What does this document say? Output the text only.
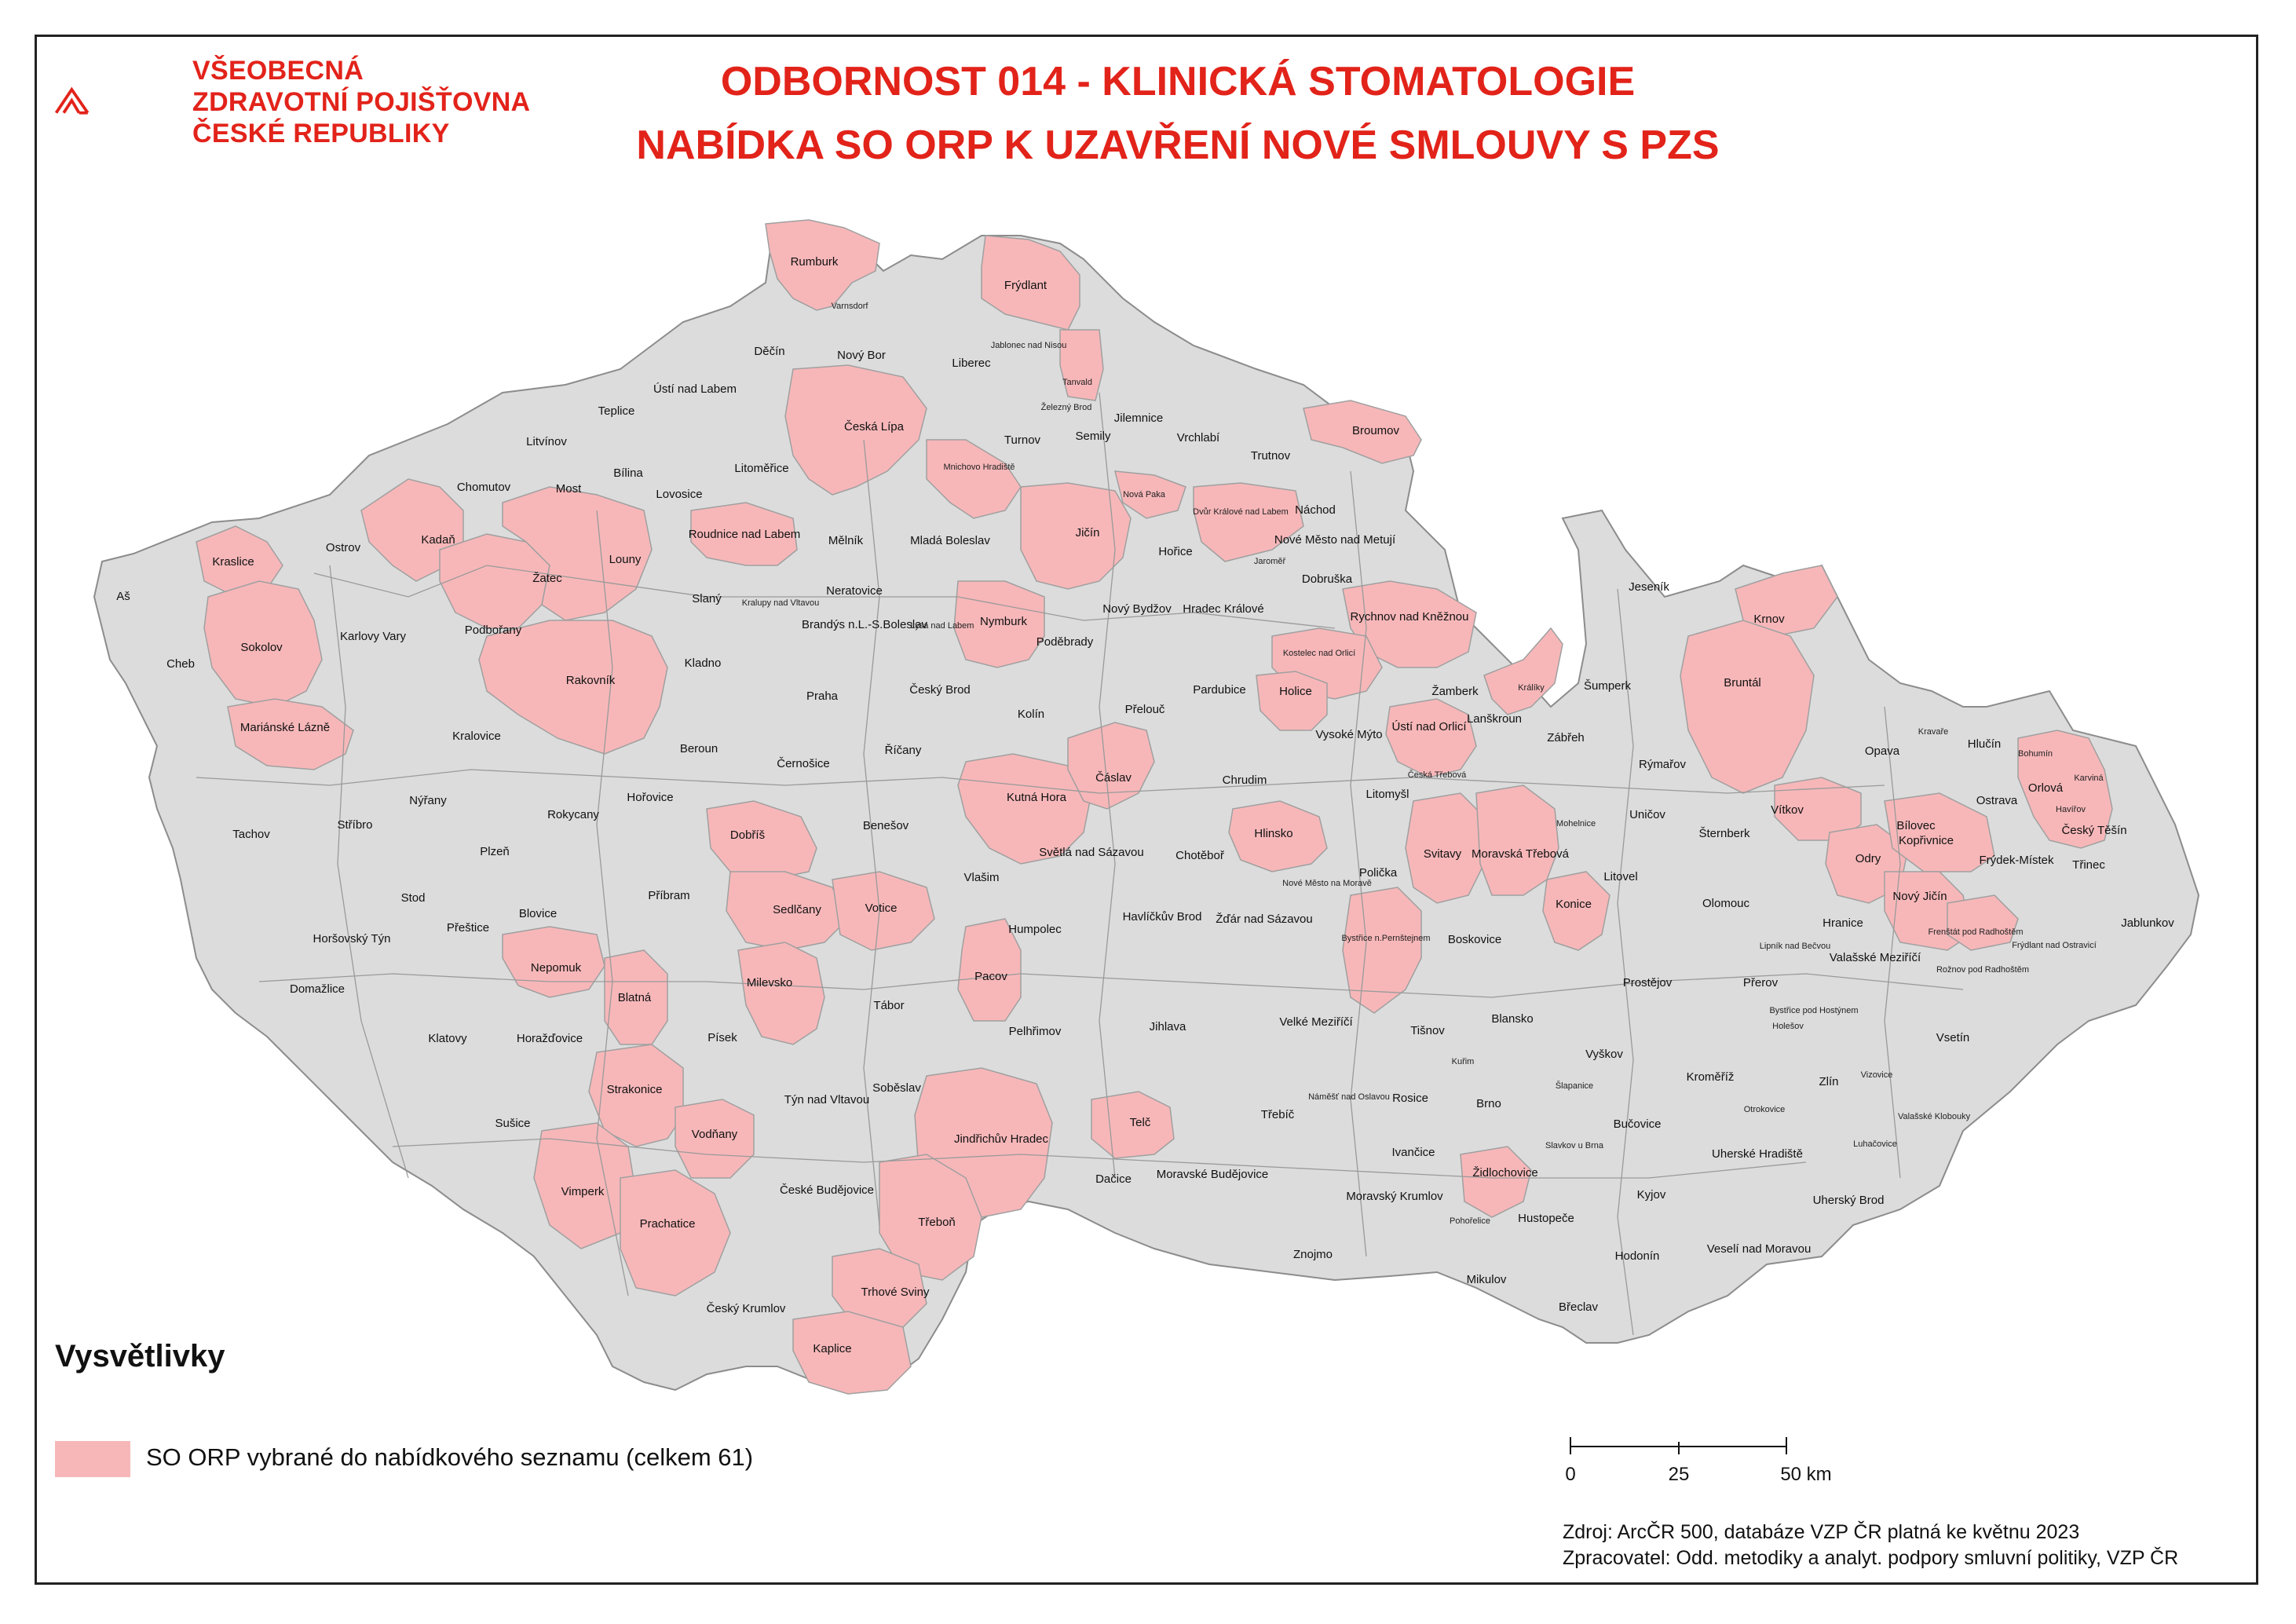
VŠEOBECNÁ
ZDRAVOTNÍ POJIŠŤOVNA
ČESKÉ REPUBLIKY
ODBORNOST 014 - KLINICKÁ STOMATOLOGIE
NABÍDKA SO ORP K UZAVŘENÍ NOVÉ SMLOUVY S PZS
Rumburk
Varnsdorf
Frýdlant
Děčín	Nový Bor
Liberec
Jablonec nad Nisou
Tanvald
Železný Brod
Ústí nad Labem
Teplice
Česká Lípa
Turnov	Semily
Jilemnice
Vrchlabí
Trutnov
Broumov
Litvínov
Bílina	Litoměřice	Mnichovo Hradiště
Chomutov	Most	Lovosice	Nová Paka
Dvůr Králové nad Labem Náchod
Kadaň	Roudnice nad Labem Mělník	Mladá Boleslav
Jičín
Hořice
Jaroměř
Nové Město nad Metují
Kraslice
Ostrov
Žatec
Louny
Neratovice
Kralupy nad Vltavou
Dobruška
Aš	Slaný
Brandýs n.L.-S.Boleslav
Lysá nad Labem Nymburk
Nový Bydžov Hradec Králové
Rychnov nad Kněžnou
Sokolov
Karlovy Vary	Podbořany
Poděbrady
Kostelec nad Orlicí
Cheb
Rakovník
Kladno
Praha	Český Brod	Pardubice	Holice	Žamberk	Králíky
Mariánské Lázně
Kolín	Přelouč
Vysoké Mýto
Ústí nad Orlicí
Kralovice
Beroun
Černošice
Říčany
Lanškroun
Česká Třebová
Nýřany	Hořovice	Kutná Hora
Čáslav	Chrudim
Litomyšl
Tachov
Stříbro
Rokycany
Dobříš
Benešov
Hlinsko
Plzeň	Světlá nad Sázavou	Chotěboř	Svitavy Moravská Třebová
Stod	Příbram
Sedlčany	Votice
Vlašim	Polička
Havlíčkův Brod Žďár nad Sázavou
Nové Město na Moravě
Blovice
Přeštice	Humpolec
Horšovský Týn
Nepomuk
Milevsko	Pacov
Bystřice n.Pernštejnem Boskovice
Konice
Domažlice
Blatná
Tábor
Pelhřimov	Jihlava	Velké Meziříčí
Tišnov
Blansko
Klatovy	Horažďovice	Písek
Kuřim
Šlapanice
Vyškov
Strakonice
Týn nad Vltavou
Soběslav
Jindřichův Hradec
Náměšť nad Oslavou Rosice	Brno
Sušice
Vodňany
Telč
Třebíč
Ivančice	Slavkov u Brna
Bučovice
Vimperk	České Budějovice
Dačice Moravské Budějovice
Moravský Krumlov
Židlochovice
Pohořelice Hustopeče
Kyjov
Prachatice	Třeboň
Znojmo	Hodonín
Trhové Sviny
Český Krumlov
Mikulov
Břeclav
Kaplice
Jeseník
Krnov
Šumperk	Bruntál
Zábřeh
Mohelnice
Uničov
Rýmařov
Šternberk
Litovel
Olomouc
Prostějov	Přerov
Hranice
Lipník nad Bečvou
Vítkov
Odry
Nový Jičín
Bílovec
Kopřivnice
Frenštát pod Radhoštěm
Valašské Meziříčí
Rožnov pod Radhoštěm
Kravaře
Hlučín
Opava	Bohumín
Karviná
Orlová
Havířov
Ostrava
Český Těšín
Frýdek-Místek Třinec
Jablunkov
Frýdlant nad Ostravicí
Bystřice pod Hostýnem
Holešov
Vsetín
Kroměříž	Zlín
Otrokovice
Vizovice
Valašské Klobouky
Luhačovice
Uherské Hradiště
Uherský Brod
Veselí nad Moravou
0	25	50 km
Vysvětlivky
SO ORP vybrané do nabídkového seznamu (celkem 61)
Zdroj: ArcČR 500, databáze VZP ČR platná ke květnu 2023
Zpracovatel: Odd. metodiky a analyt. podpory smluvní politiky, VZP ČR
